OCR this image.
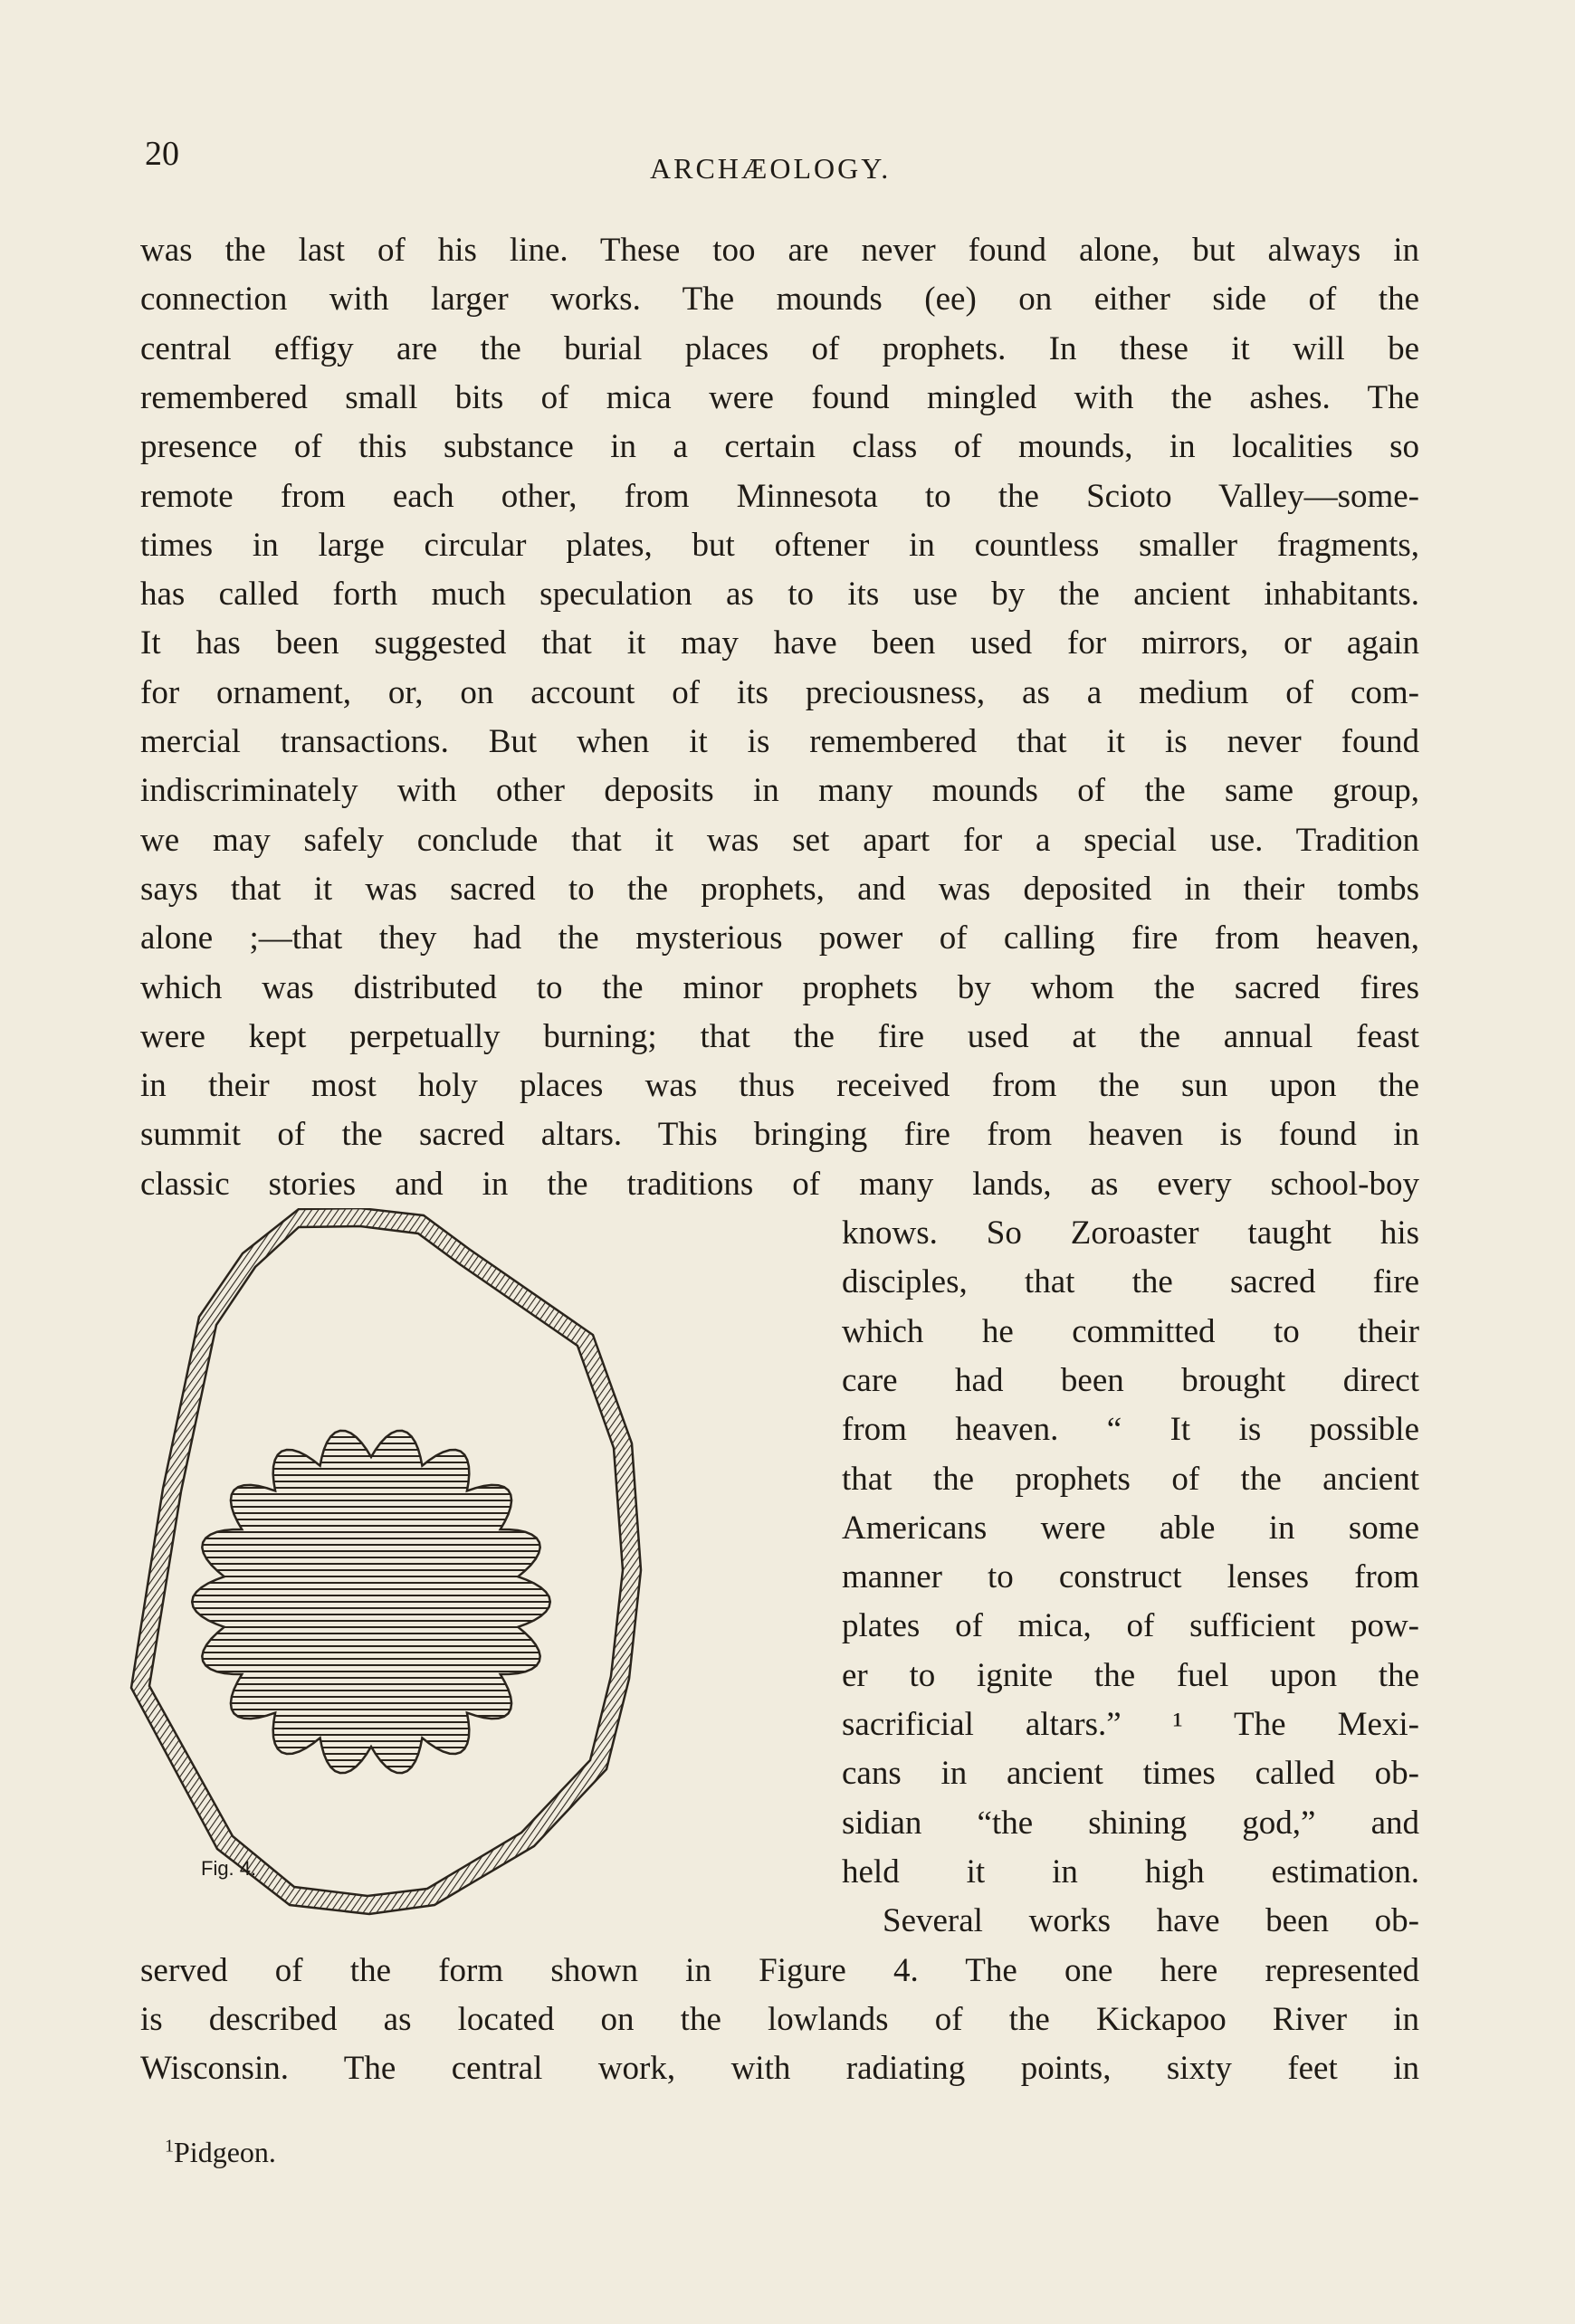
20	ARCHÆOLOGY.
was the last of his line. These too are never found alone, but always in
connection with larger works. The mounds (ee) on either side of the
central effigy are the burial places of prophets. In these it will be
remembered small bits of mica were found mingled with the ashes. The
presence of this substance in a certain class of mounds, in localities so
remote from each other, from Minnesota to the Scioto Valley—some-
times in large circular plates, but oftener in countless smaller fragments,
has called forth much speculation as to its use by the ancient inhabitants.
It has been suggested that it may have been used for mirrors, or again
for ornament, or, on account of its preciousness, as a medium of com-
mercial transactions. But when it is remembered that it is never found
indiscriminately with other deposits in many mounds of the same group,
we may safely conclude that it was set apart for a special use. Tradition
says that it was sacred to the prophets, and was deposited in their tombs
alone ;—that they had the mysterious power of calling fire from heaven,
which was distributed to the minor prophets by whom the sacred fires
were kept perpetually burning; that the fire used at the annual feast
in their most holy places was thus received from the sun upon the
summit of the sacred altars. This bringing fire from heaven is found in
classic stories and in the traditions of many lands, as every school-boy
knows. So Zoroaster taught his
disciples, that the sacred fire
which he committed to their
care had been brought direct
from heaven. “ It is possible
that the prophets of the ancient
Americans were able in some
manner to construct lenses from
plates of mica, of sufficient pow-
er to ignite the fuel upon the
sacrificial altars.” ¹ The Mexi-
cans in ancient times called ob-
sidian “the shining god,” and
held it in high estimation.
Several works have been ob-
served of the form shown in Figure 4. The one here represented
is described as located on the lowlands of the Kickapoo River in
Wisconsin. The central work, with radiating points, sixty feet in
Fig. 4.
$^1$Pidgeon.
